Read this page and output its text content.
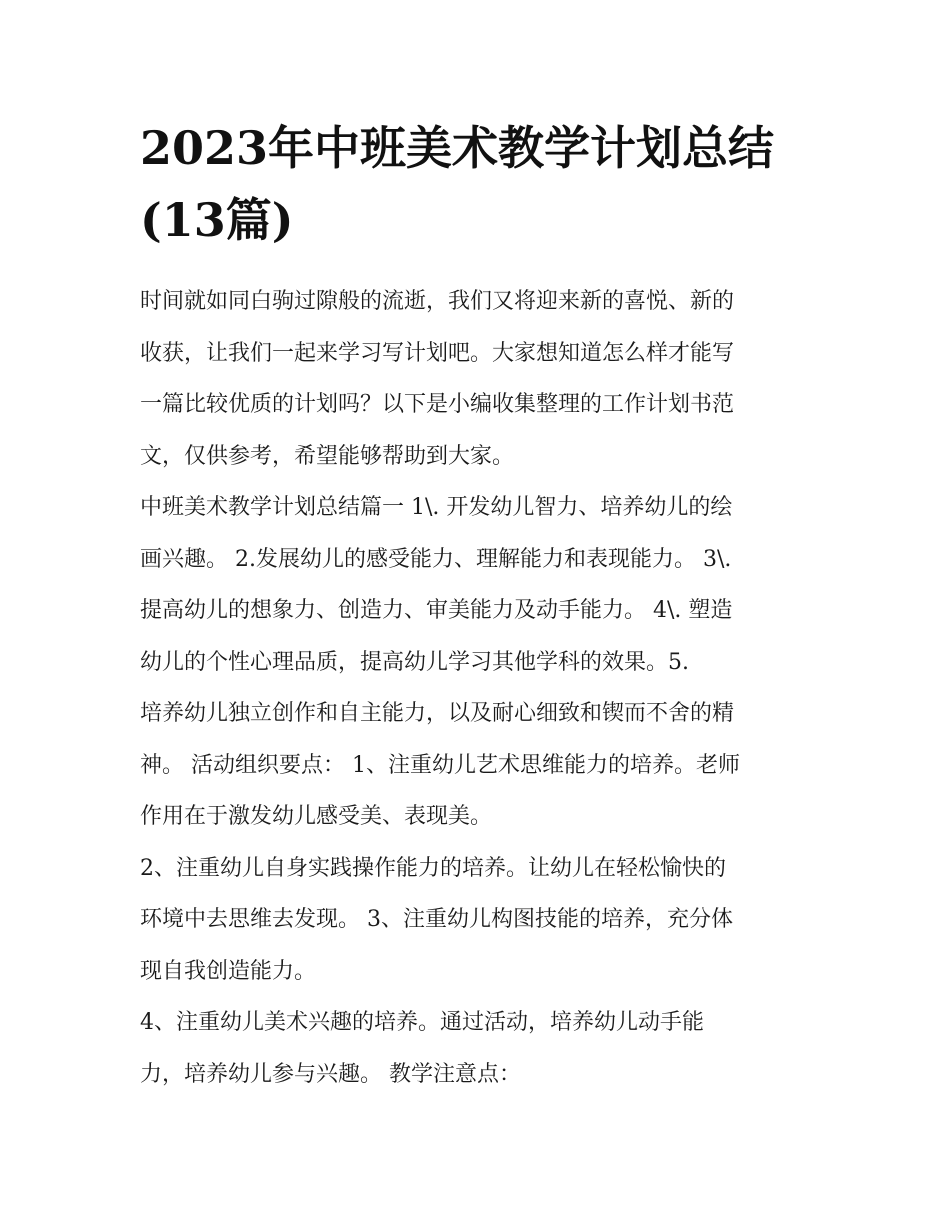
2023年中班美术教学计划总结
(13篇)
时间就如同白驹过隙般的流逝，我们又将迎来新的喜悦、新的
收获，让我们一起来学习写计划吧。大家想知道怎么样才能写
一篇比较优质的计划吗？以下是小编收集整理的工作计划书范
文，仅供参考，希望能够帮助到大家。
中班美术教学计划总结篇一 1\. 开发幼儿智力、培养幼儿的绘
画兴趣。 2.发展幼儿的感受能力、理解能力和表现能力。 3\.
提高幼儿的想象力、创造力、审美能力及动手能力。 4\. 塑造
幼儿的个性心理品质，提高幼儿学习其他学科的效果。5.
培养幼儿独立创作和自主能力，以及耐心细致和锲而不舍的精
神。 活动组织要点： 1、注重幼儿艺术思维能力的培养。老师
作用在于激发幼儿感受美、表现美。
2、注重幼儿自身实践操作能力的培养。让幼儿在轻松愉快的
环境中去思维去发现。 3、注重幼儿构图技能的培养，充分体
现自我创造能力。
4、注重幼儿美术兴趣的培养。通过活动，培养幼儿动手能
力，培养幼儿参与兴趣。 教学注意点：
